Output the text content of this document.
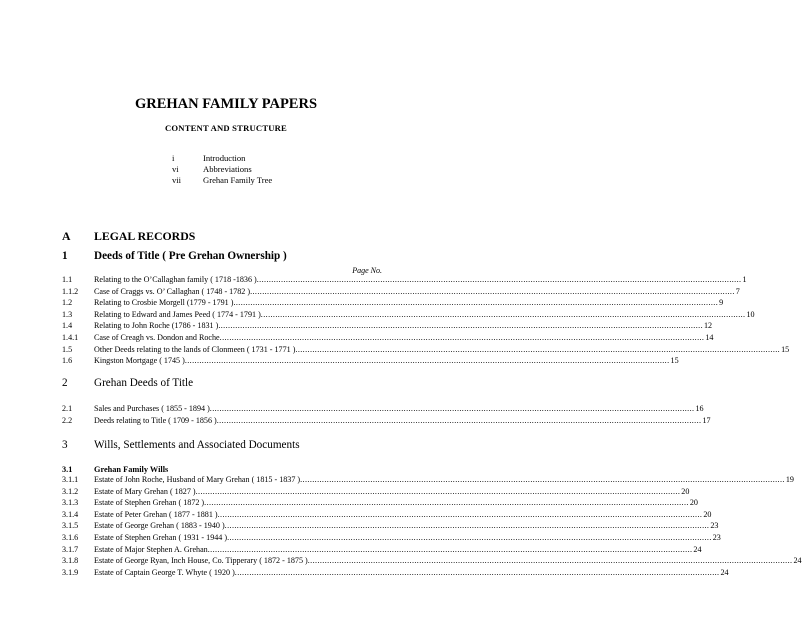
GREHAN FAMILY PAPERS
CONTENT AND STRUCTURE
i	Introduction
vi	Abbreviations
vii	Grehan Family Tree
A LEGAL RECORDS
1 Deeds of Title ( Pre Grehan Ownership )
Page No.
1.1	Relating to the O’Callaghan family ( 1718 -1836 ) ........................................................................................................................................................................................................ 1
1.1.2	Case of Craggs vs. O’ Callaghan ( 1748 - 1782 ) ........................................................................................................................................................................................................ 7
1.2	Relating to Crosbie Morgell (1779 - 1791 ) ........................................................................................................................................................................................................ 9
1.3	Relating to Edward and James Peed ( 1774 - 1791 ) ........................................................................................................................................................................................................ 10
1.4	Relating to John Roche (1786 - 1831 ) ........................................................................................................................................................................................................ 12
1.4.1	Case of Creagh vs. Dondon and Roche ........................................................................................................................................................................................................ 14
1.5	Other Deeds relating to the lands of Clonmeen ( 1731 - 1771 ) ........................................................................................................................................................................................................ 15
1.6	Kingston Mortgage ( 1745 ) ........................................................................................................................................................................................................ 15
2 Grehan Deeds of Title
2.1	Sales and Purchases ( 1855 - 1894 ) ........................................................................................................................................................................................................ 16
2.2	Deeds relating to Title ( 1709 - 1856 ) ........................................................................................................................................................................................................ 17
3 Wills, Settlements and Associated Documents
3.1	Grehan Family Wills
3.1.1	Estate of John Roche, Husband of Mary Grehan ( 1815 - 1837 ) ........................................................................................................................................................................................................ 19
3.1.2	Estate of Mary Grehan ( 1827 ) ........................................................................................................................................................................................................ 20
3.1.3	Estate of Stephen Grehan ( 1872 ) ........................................................................................................................................................................................................ 20
3.1.4	Estate of Peter Grehan ( 1877 - 1881 ) ........................................................................................................................................................................................................ 20
3.1.5	Estate of George Grehan ( 1883 - 1940 ) ........................................................................................................................................................................................................ 23
3.1.6	Estate of Stephen Grehan ( 1931 - 1944 ) ........................................................................................................................................................................................................ 23
3.1.7	Estate of Major Stephen A. Grehan ........................................................................................................................................................................................................ 24
3.1.8	Estate of George Ryan, Inch House, Co. Tipperary ( 1872 - 1875 ) ........................................................................................................................................................................................................ 24
3.1.9	Estate of Captain George T. Whyte ( 1920 ) ........................................................................................................................................................................................................ 24
